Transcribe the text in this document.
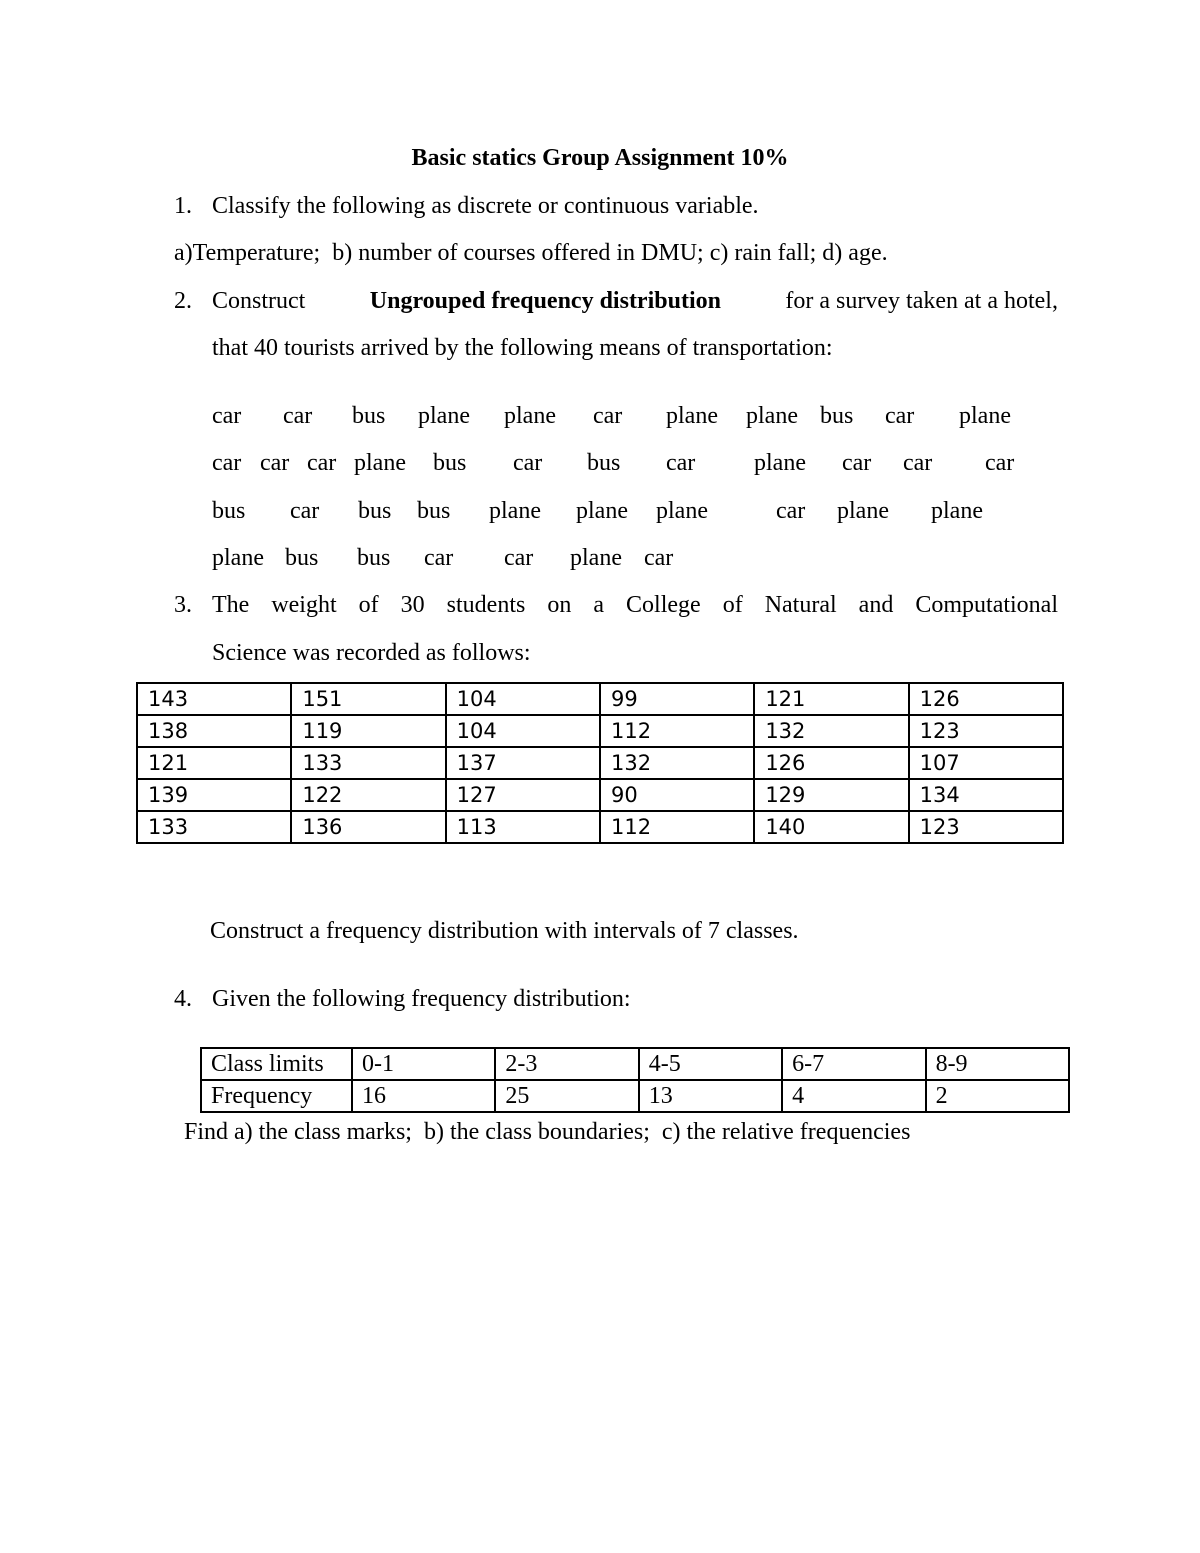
Basic statics Group Assignment 10%
1. Classify the following as discrete or continuous variable.
a)Temperature;  b) number of courses offered in DMU; c) rain fall; d) age.
2. Construct Ungrouped frequency distribution for a survey taken at a hotel,
that 40 tourists arrived by the following means of transportation:
car car bus plane plane car plane plane bus car plane
car car car plane bus car bus car plane car car car
bus car bus bus plane plane plane	car plane plane
plane bus bus car car plane car
3. The weight of 30 students on a College of Natural and Computational
Science was recorded as follows:
143	151	104	99	121	126
138	119	104	112	132	123
121	133	137	132	126	107
139	122	127	90	129	134
133	136	113	112	140	123
Construct a frequency distribution with intervals of 7 classes.
4. Given the following frequency distribution:
Class limits	0-1	2-3	4-5	6-7	8-9
Frequency	16	25	13	4	2
Find a) the class marks;  b) the class boundaries;  c) the relative frequencies
